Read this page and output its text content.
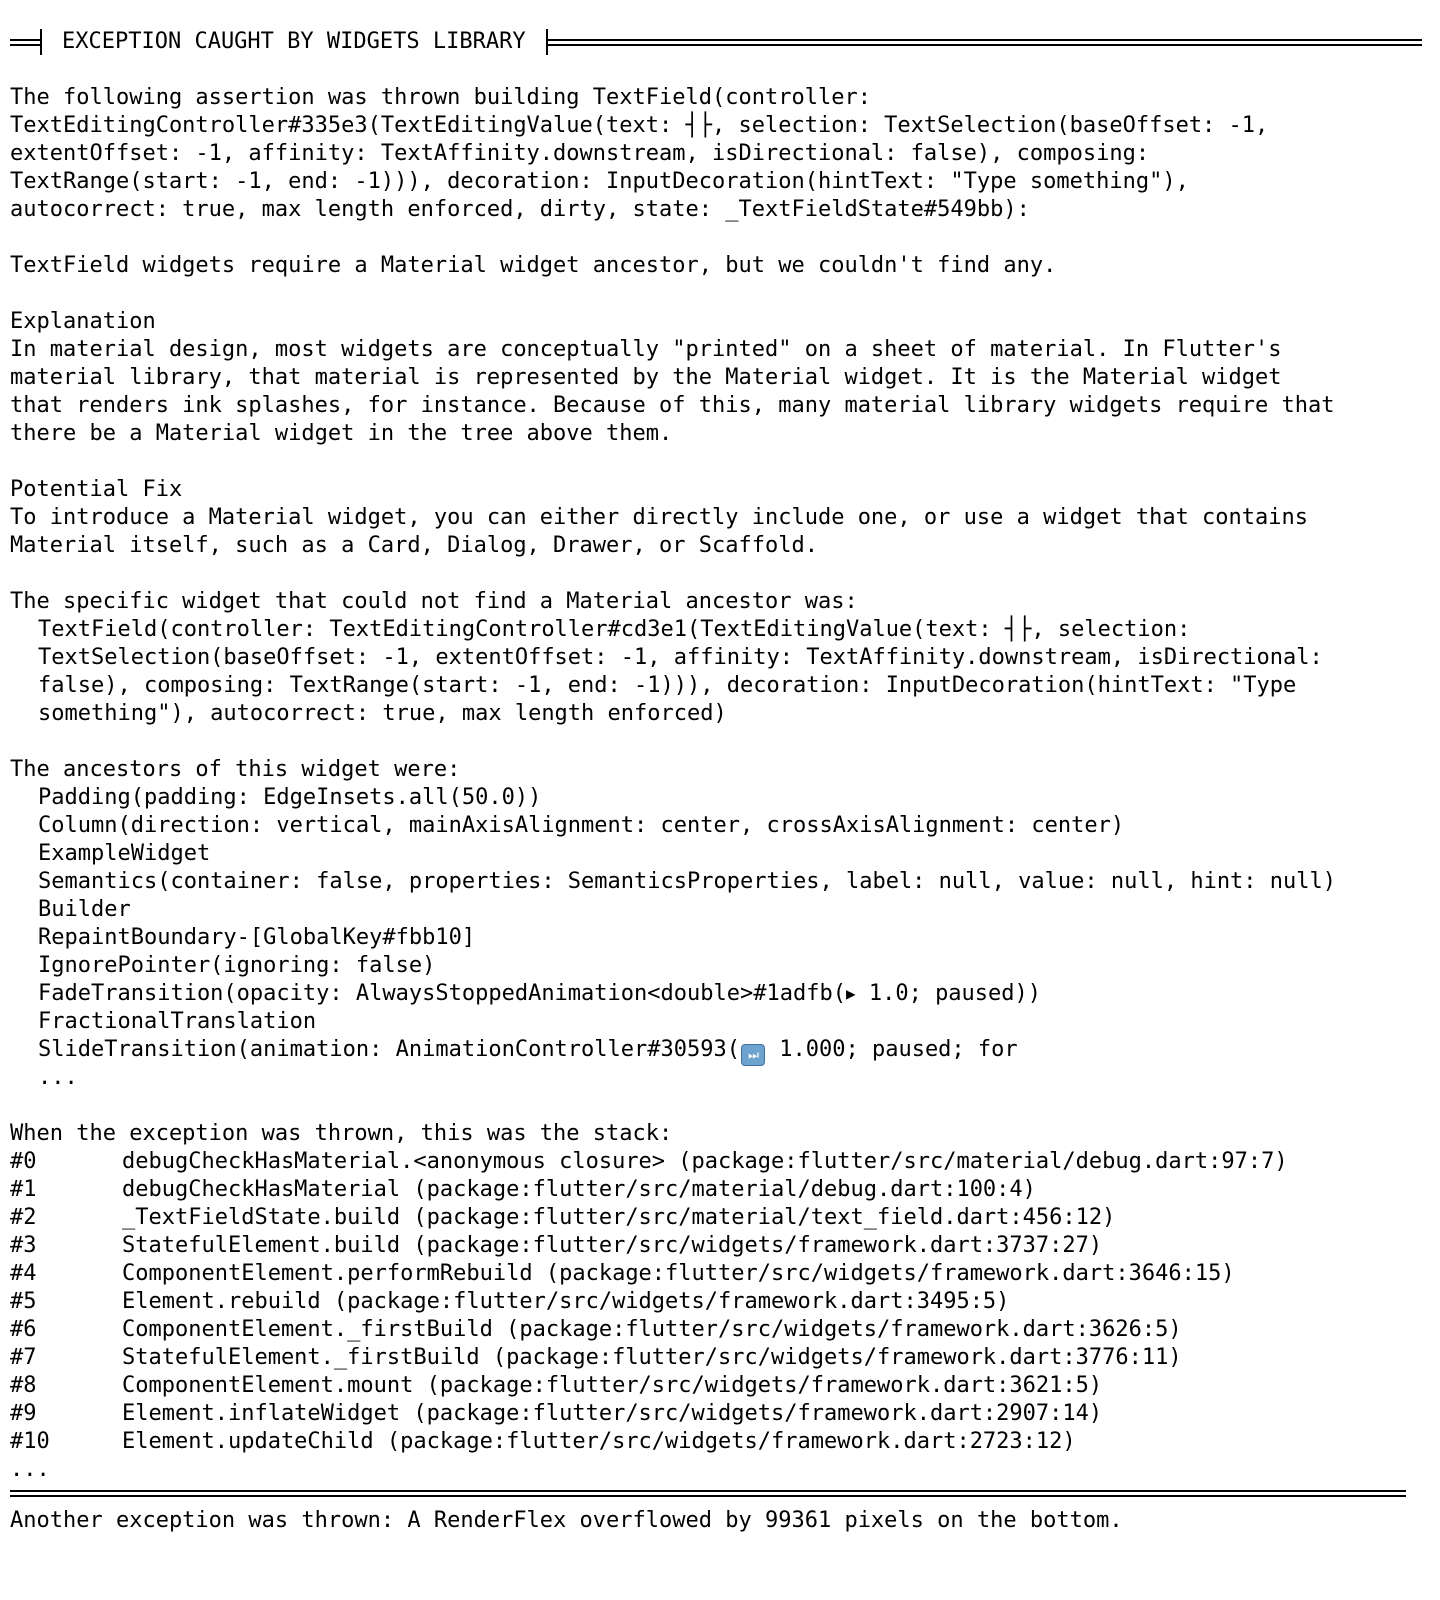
EXCEPTION CAUGHT BY WIDGETS LIBRARY
The following assertion was thrown building TextField(controller:
TextEditingController#335e3(TextEditingValue(text: ┤├, selection: TextSelection(baseOffset: -1,
extentOffset: -1, affinity: TextAffinity.downstream, isDirectional: false), composing:
TextRange(start: -1, end: -1))), decoration: InputDecoration(hintText: "Type something"),
autocorrect: true, max length enforced, dirty, state: _TextFieldState#549bb):
TextField widgets require a Material widget ancestor, but we couldn't find any.
Explanation
In material design, most widgets are conceptually "printed" on a sheet of material. In Flutter's
material library, that material is represented by the Material widget. It is the Material widget
that renders ink splashes, for instance. Because of this, many material library widgets require that
there be a Material widget in the tree above them.
Potential Fix
To introduce a Material widget, you can either directly include one, or use a widget that contains
Material itself, such as a Card, Dialog, Drawer, or Scaffold.
The specific widget that could not find a Material ancestor was:
TextField(controller: TextEditingController#cd3e1(TextEditingValue(text: ┤├, selection:
TextSelection(baseOffset: -1, extentOffset: -1, affinity: TextAffinity.downstream, isDirectional:
false), composing: TextRange(start: -1, end: -1))), decoration: InputDecoration(hintText: "Type
something"), autocorrect: true, max length enforced)
The ancestors of this widget were:
Padding(padding: EdgeInsets.all(50.0))
Column(direction: vertical, mainAxisAlignment: center, crossAxisAlignment: center)
ExampleWidget
Semantics(container: false, properties: SemanticsProperties, label: null, value: null, hint: null)
Builder
RepaintBoundary-[GlobalKey#fbb10]
IgnorePointer(ignoring: false)
FadeTransition(opacity: AlwaysStoppedAnimation<double>#1adfb(▶ 1.0; paused))
FractionalTranslation
SlideTransition(animation: AnimationController#30593( ⏭ 1.000; paused; for
...
When the exception was thrown, this was the stack:
#0	debugCheckHasMaterial.<anonymous closure> (package:flutter/src/material/debug.dart:97:7)
#1	debugCheckHasMaterial (package:flutter/src/material/debug.dart:100:4)
#2	_TextFieldState.build (package:flutter/src/material/text_field.dart:456:12)
#3	StatefulElement.build (package:flutter/src/widgets/framework.dart:3737:27)
#4	ComponentElement.performRebuild (package:flutter/src/widgets/framework.dart:3646:15)
#5	Element.rebuild (package:flutter/src/widgets/framework.dart:3495:5)
#6	ComponentElement._firstBuild (package:flutter/src/widgets/framework.dart:3626:5)
#7	StatefulElement._firstBuild (package:flutter/src/widgets/framework.dart:3776:11)
#8	ComponentElement.mount (package:flutter/src/widgets/framework.dart:3621:5)
#9	Element.inflateWidget (package:flutter/src/widgets/framework.dart:2907:14)
#10	Element.updateChild (package:flutter/src/widgets/framework.dart:2723:12)
...
Another exception was thrown: A RenderFlex overflowed by 99361 pixels on the bottom.
